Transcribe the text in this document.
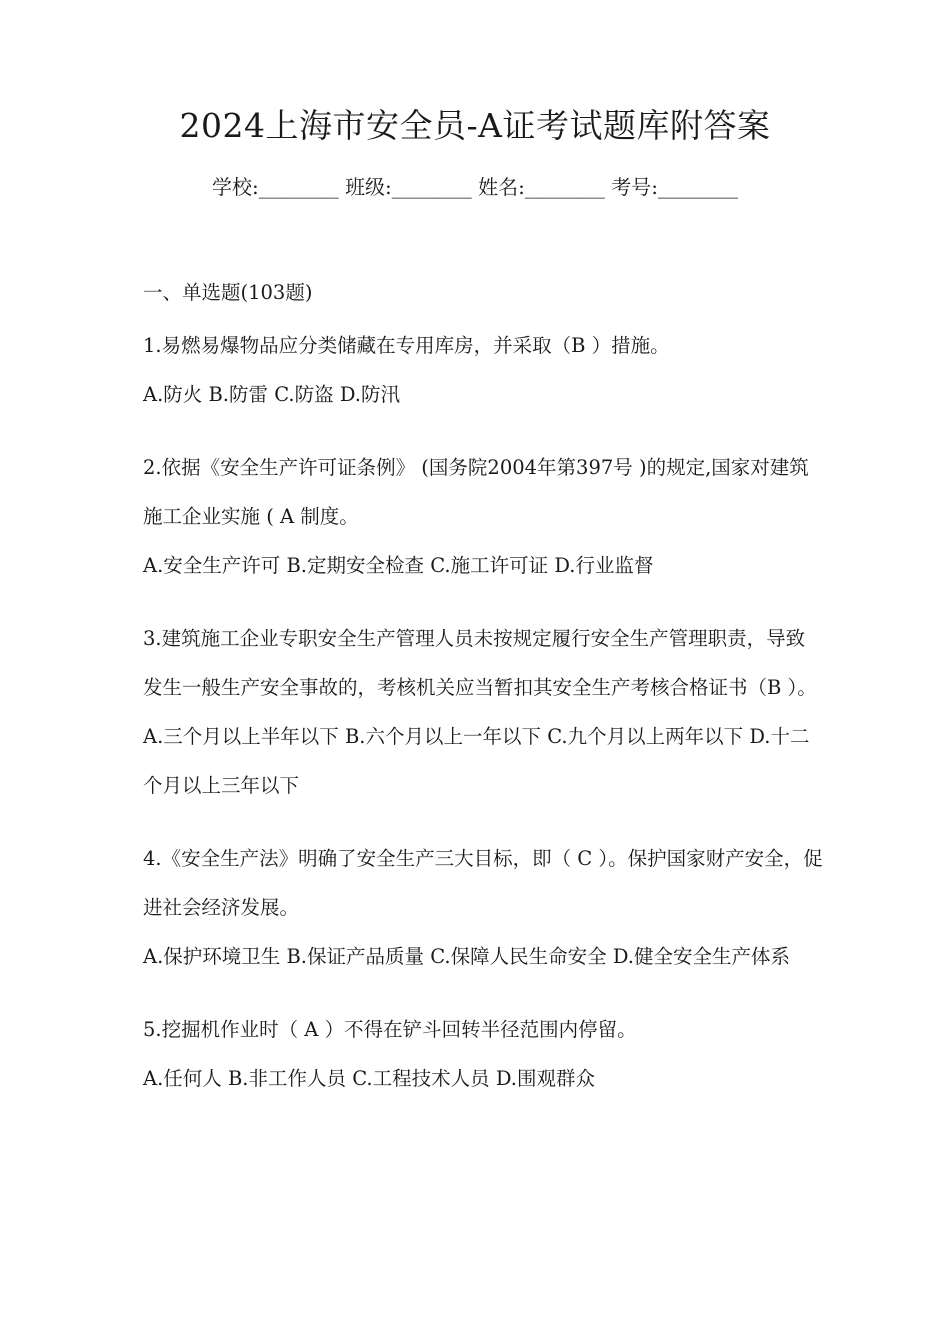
2024上海市安全员-A证考试题库附答案
学校:________ 班级:________ 姓名:________ 考号:________

一、单选题(103题)

1.易燃易爆物品应分类储藏在专用库房，并采取（B ）措施。

A.防火 B.防雷 C.防盗 D.防汛

2.依据《安全生产许可证条例》 (国务院2004年第397号 )的规定,国家对建筑施工企业实施 ( A 制度。

A.安全生产许可 B.定期安全检查 C.施工许可证 D.行业监督

3.建筑施工企业专职安全生产管理人员未按规定履行安全生产管理职责，导致发生一般生产安全事故的，考核机关应当暂扣其安全生产考核合格证书（B ）。

A.三个月以上半年以下 B.六个月以上一年以下 C.九个月以上两年以下 D.十二个月以上三年以下

4.《安全生产法》明确了安全生产三大目标，即（ C ）。保护国家财产安全，促进社会经济发展。

A.保护环境卫生 B.保证产品质量 C.保障人民生命安全 D.健全安全生产体系

5.挖掘机作业时（ A ）不得在铲斗回转半径范围内停留。

A.任何人 B.非工作人员 C.工程技术人员 D.围观群众
